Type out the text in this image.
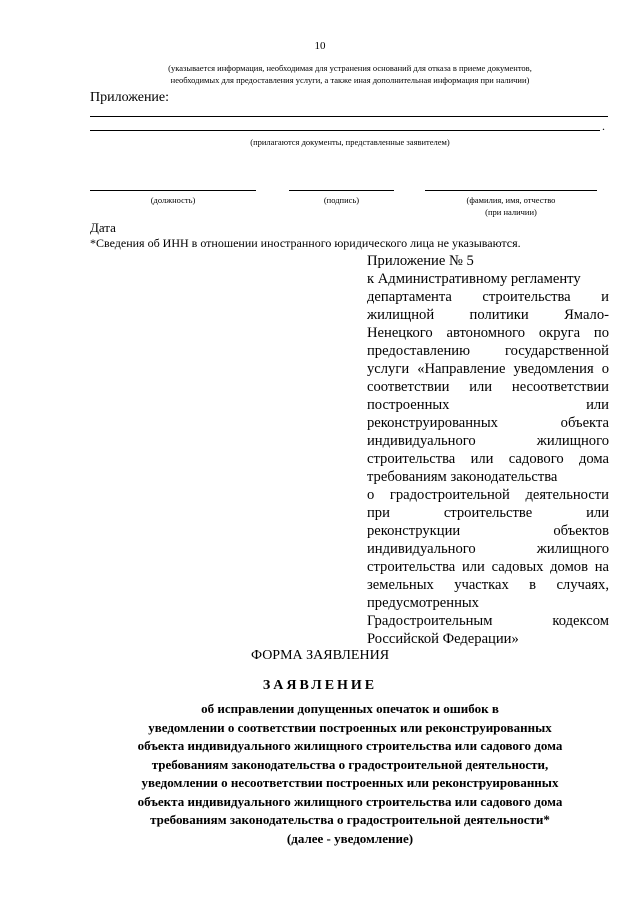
10
(указывается информация, необходимая для устранения оснований для отказа в приеме документов,
необходимых для предоставления услуги, а также иная дополнительная информация при наличии)
Приложение:
.
(прилагаются документы, представленные заявителем)
(должность)	(подпись)	(фамилия, имя, отчество
(при наличии)
Дата
*Сведения об ИНН в отношении иностранного юридического лица не указываются.
Приложение № 5
к Административному регламенту
департамента строительства и
жилищной политики Ямало-
Ненецкого автономного округа по
предоставлению государственной
услуги «Направление уведомления о
соответствии или несоответствии
построенных или
реконструированных объекта
индивидуального жилищного
строительства или садового дома
требованиям законодательства
о градостроительной деятельности
при строительстве или
реконструкции объектов
индивидуального жилищного
строительства или садовых домов на
земельных участках в случаях,
предусмотренных
Градостроительным кодексом
Российской Федерации»
ФОРМА ЗАЯВЛЕНИЯ
ЗАЯВЛЕНИЕ
об исправлении допущенных опечаток и ошибок в
уведомлении о соответствии построенных или реконструированных
объекта индивидуального жилищного строительства или садового дома
требованиям законодательства о градостроительной деятельности,
уведомлении о несоответствии построенных или реконструированных
объекта индивидуального жилищного строительства или садового дома
требованиям законодательства о градостроительной деятельности*
(далее - уведомление)
